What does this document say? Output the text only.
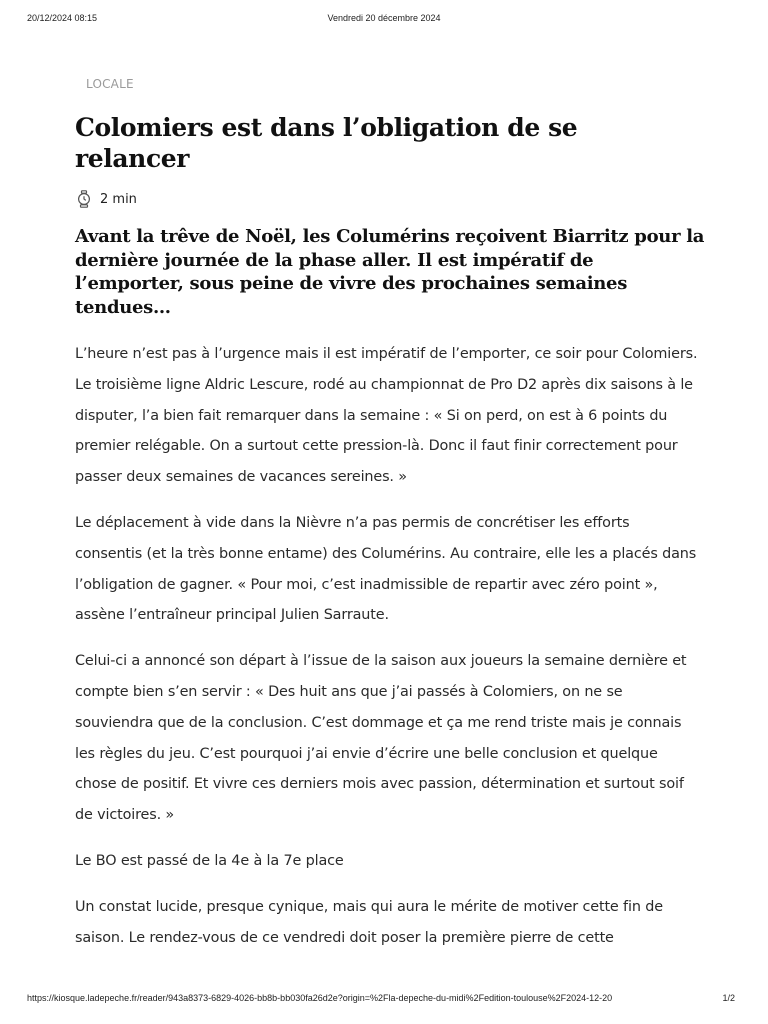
20/12/2024 08:15	Vendredi 20 décembre 2024
LOCALE
Colomiers est dans l’obligation de se relancer
2 min

Avant la trêve de Noël, les Columérins reçoivent Biarritz pour la dernière journée de la phase aller. Il est impératif de l’emporter, sous peine de vivre des prochaines semaines tendues…

L’heure n’est pas à l’urgence mais il est impératif de l’emporter, ce soir pour Colomiers. Le troisième ligne Aldric Lescure, rodé au championnat de Pro D2 après dix saisons à le disputer, l’a bien fait remarquer dans la semaine : « Si on perd, on est à 6 points du premier relégable. On a surtout cette pression-là. Donc il faut finir correctement pour passer deux semaines de vacances sereines. »

Le déplacement à vide dans la Nièvre n’a pas permis de concrétiser les efforts consentis (et la très bonne entame) des Columérins. Au contraire, elle les a placés dans l’obligation de gagner. « Pour moi, c’est inadmissible de repartir avec zéro point », assène l’entraîneur principal Julien Sarraute.

Celui-ci a annoncé son départ à l’issue de la saison aux joueurs la semaine dernière et compte bien s’en servir : « Des huit ans que j’ai passés à Colomiers, on ne se souviendra que de la conclusion. C’est dommage et ça me rend triste mais je connais les règles du jeu. C’est pourquoi j’ai envie d’écrire une belle conclusion et quelque chose de positif. Et vivre ces derniers mois avec passion, détermination et surtout soif de victoires. »

Le BO est passé de la 4e à la 7e place

Un constat lucide, presque cynique, mais qui aura le mérite de motiver cette fin de saison. Le rendez-vous de ce vendredi doit poser la première pierre de cette

https://kiosque.ladepeche.fr/reader/943a8373-6829-4026-bb8b-bb030fa26d2e?origin=%2Fla-depeche-du-midi%2Fedition-toulouse%2F2024-12-20	1/2
